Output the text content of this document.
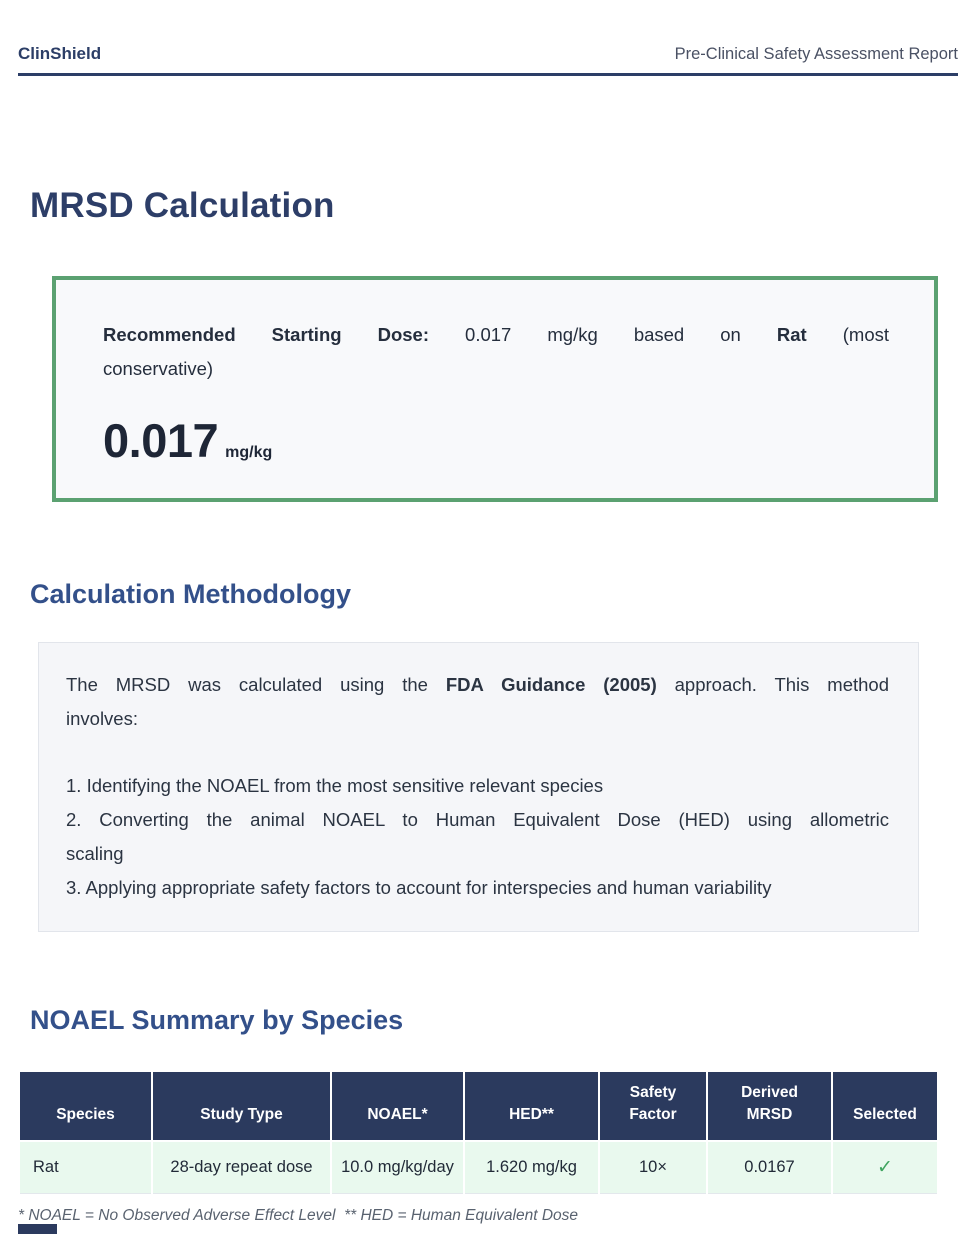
ClinShield	Pre-Clinical Safety Assessment Report
MRSD Calculation
Recommended Starting Dose: 0.017 mg/kg based on Rat (most
conservative)
0.017 mg/kg
Calculation Methodology
The MRSD was calculated using the FDA Guidance (2005) approach. This method
involves:
1. Identifying the NOAEL from the most sensitive relevant species
2. Converting the animal NOAEL to Human Equivalent Dose (HED) using allometric
scaling
3. Applying appropriate safety factors to account for interspecies and human variability
NOAEL Summary by Species
Species	Study Type	NOAEL*	HED**	Safety Factor	Derived MRSD	Selected
Rat	28-day repeat dose	10.0 mg/kg/day	1.620 mg/kg	10×	0.0167	✓
* NOAEL = No Observed Adverse Effect Level  ** HED = Human Equivalent Dose
